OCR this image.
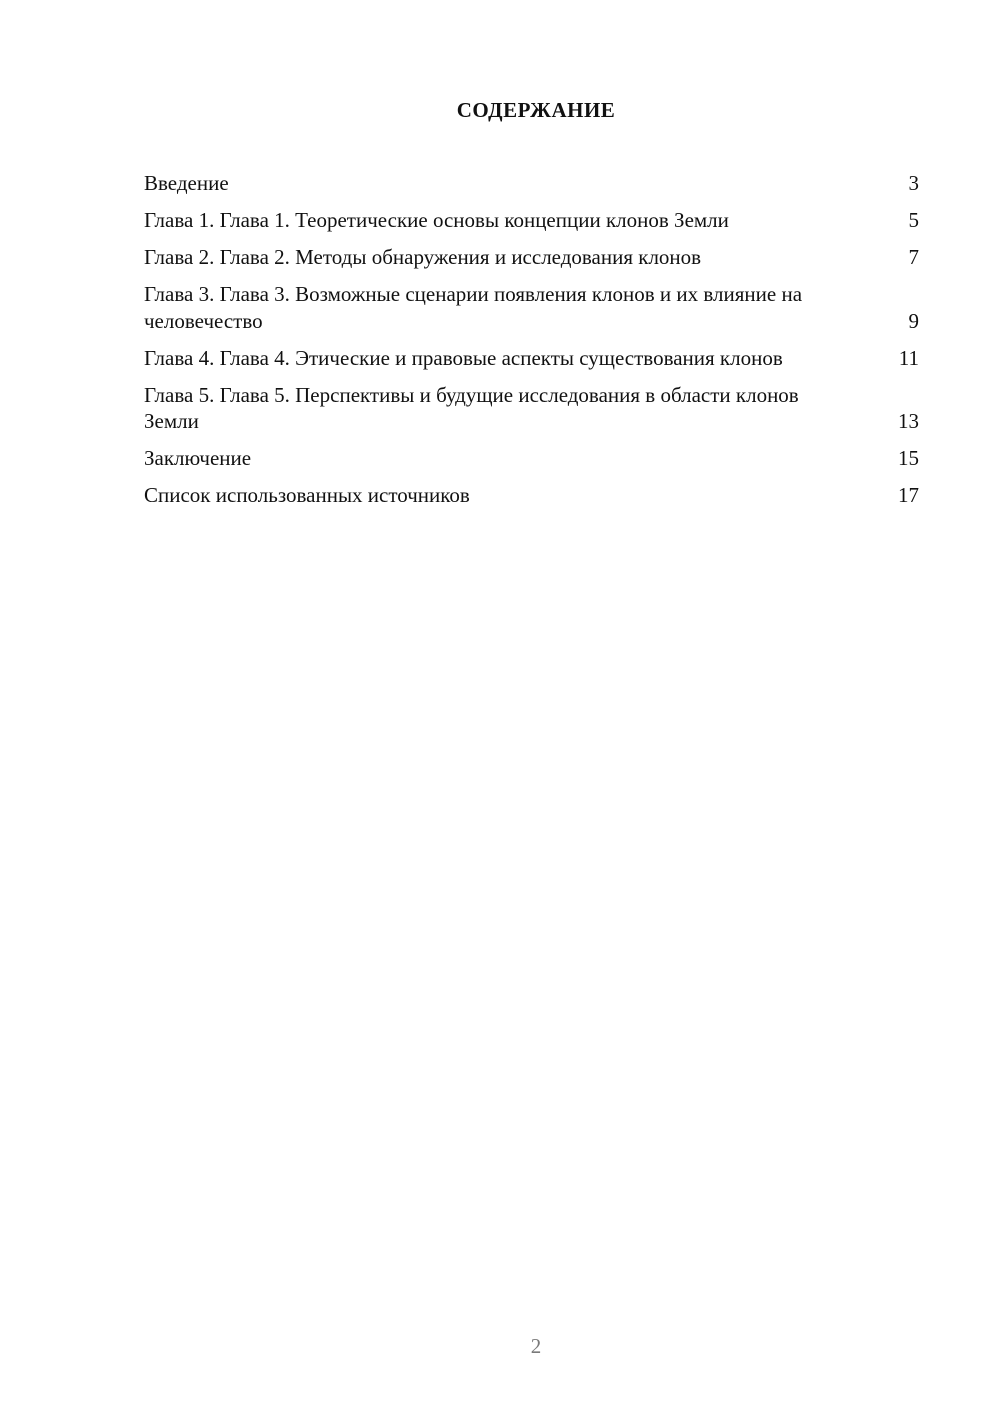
СОДЕРЖАНИЕ
Введение	3
Глава 1. Глава 1. Теоретические основы концепции клонов Земли	5
Глава 2. Глава 2. Методы обнаружения и исследования клонов	7
Глава 3. Глава 3. Возможные сценарии появления клонов и их влияние на человечество	9
Глава 4. Глава 4. Этические и правовые аспекты существования клонов	11
Глава 5. Глава 5. Перспективы и будущие исследования в области клонов Земли	13
Заключение	15
Список использованных источников	17
2
